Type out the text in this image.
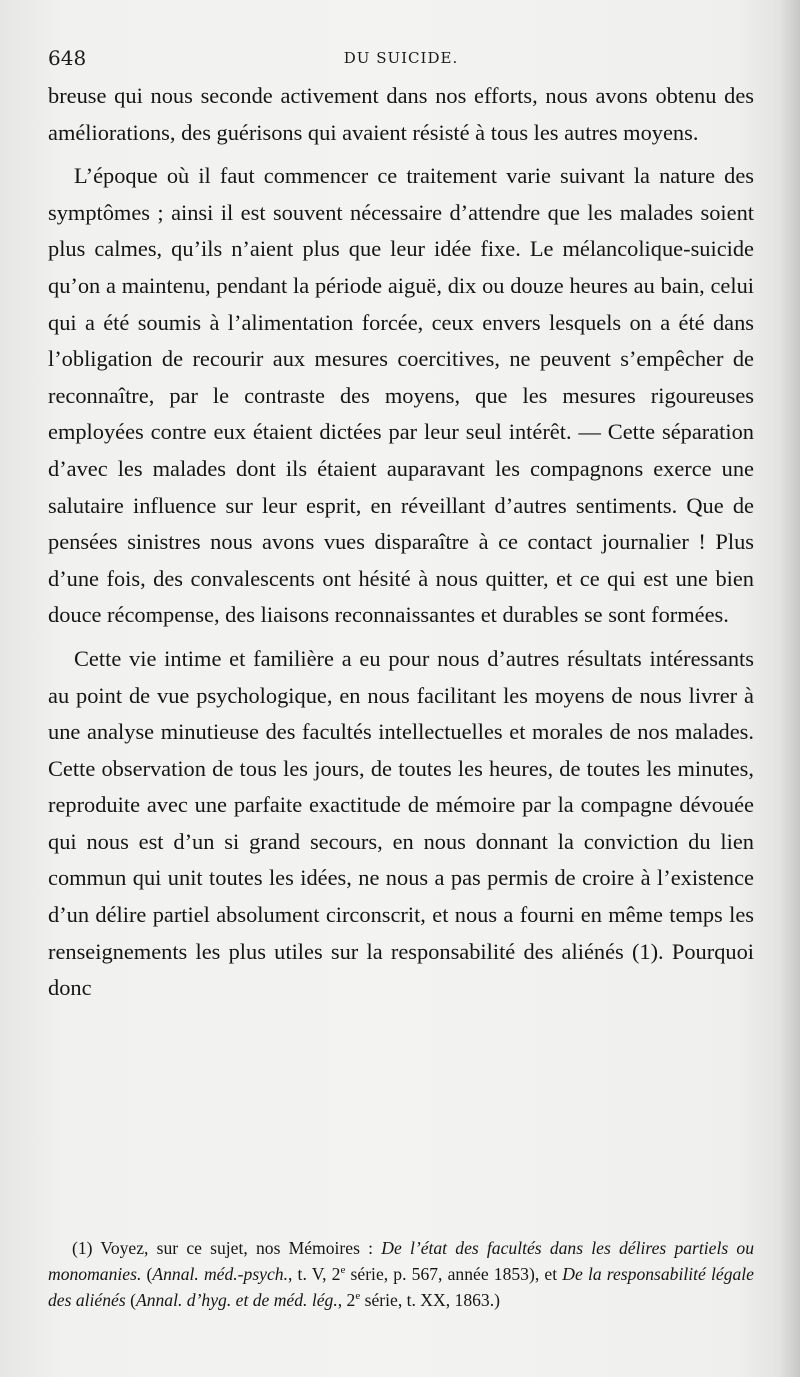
648	DU SUICIDE.

breuse qui nous seconde activement dans nos efforts, nous avons obtenu des améliorations, des guérisons qui avaient résisté à tous les autres moyens.

L’époque où il faut commencer ce traitement varie suivant la nature des symptômes ; ainsi il est souvent nécessaire d’attendre que les malades soient plus calmes, qu’ils n’aient plus que leur idée fixe. Le mélancolique-suicide qu’on a maintenu, pendant la période aiguë, dix ou douze heures au bain, celui qui a été soumis à l’alimentation forcée, ceux envers lesquels on a été dans l’obligation de recourir aux mesures coercitives, ne peuvent s’empêcher de reconnaître, par le contraste des moyens, que les mesures rigoureuses employées contre eux étaient dictées par leur seul intérêt. — Cette séparation d’avec les malades dont ils étaient auparavant les compagnons exerce une salutaire influence sur leur esprit, en réveillant d’autres sentiments. Que de pensées sinistres nous avons vues disparaître à ce contact journalier ! Plus d’une fois, des convalescents ont hésité à nous quitter, et ce qui est une bien douce récompense, des liaisons reconnaissantes et durables se sont formées.

Cette vie intime et familière a eu pour nous d’autres résultats intéressants au point de vue psychologique, en nous facilitant les moyens de nous livrer à une analyse minutieuse des facultés intellectuelles et morales de nos malades. Cette observation de tous les jours, de toutes les heures, de toutes les minutes, reproduite avec une parfaite exactitude de mémoire par la compagne dévouée qui nous est d’un si grand secours, en nous donnant la conviction du lien commun qui unit toutes les idées, ne nous a pas permis de croire à l’existence d’un délire partiel absolument circonscrit, et nous a fourni en même temps les renseignements les plus utiles sur la responsabilité des aliénés (1). Pourquoi donc

(1) Voyez, sur ce sujet, nos Mémoires : De l’état des facultés dans les délires partiels ou monomanies. (Annal. méd.-psych., t. V, 2e série, p. 567, année 1853), et De la responsabilité légale des aliénés (Annal. d’hyg. et de méd. lég., 2e série, t. XX, 1863.)
